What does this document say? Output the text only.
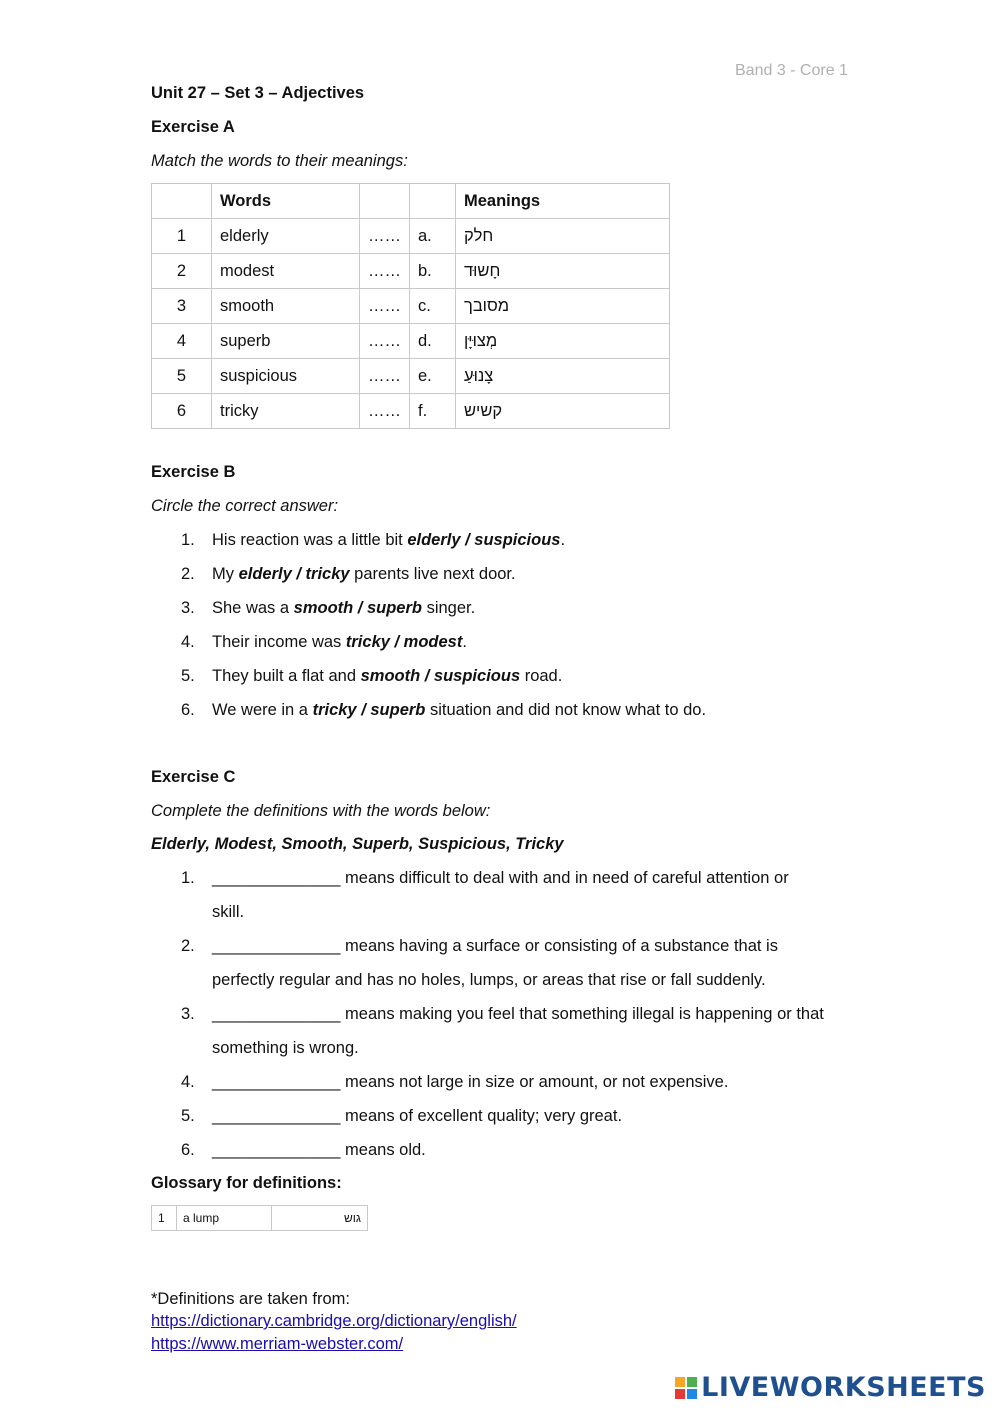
Band 3 - Core 1
Unit 27 – Set 3 – Adjectives
Exercise A
Match the words to their meanings:
	Words			Meanings
1	elderly	……	a.	חלק
2	modest	……	b.	חָשוּד
3	smooth	……	c.	מסובך
4	superb	……	d.	מְצוּיָּן
5	suspicious	……	e.	צָנוּעַ
6	tricky	……	f.	קשיש
Exercise B
Circle the correct answer:
1. His reaction was a little bit elderly / suspicious.
2. My elderly / tricky parents live next door.
3. She was a smooth / superb singer.
4. Their income was tricky / modest.
5. They built a flat and smooth / suspicious road.
6. We were in a tricky / superb situation and did not know what to do.
Exercise C
Complete the definitions with the words below:
Elderly, Modest, Smooth, Superb, Suspicious, Tricky
1. ______________ means difficult to deal with and in need of careful attention or
skill.
2. ______________ means having a surface or consisting of a substance that is
perfectly regular and has no holes, lumps, or areas that rise or fall suddenly.
3. ______________ means making you feel that something illegal is happening or that
something is wrong.
4. ______________ means not large in size or amount, or not expensive.
5. ______________ means of excellent quality; very great.
6. ______________ means old.
Glossary for definitions:
1	a lump	גוש
*Definitions are taken from:
https://dictionary.cambridge.org/dictionary/english/
https://www.merriam-webster.com/
LIVEWORKSHEETS
